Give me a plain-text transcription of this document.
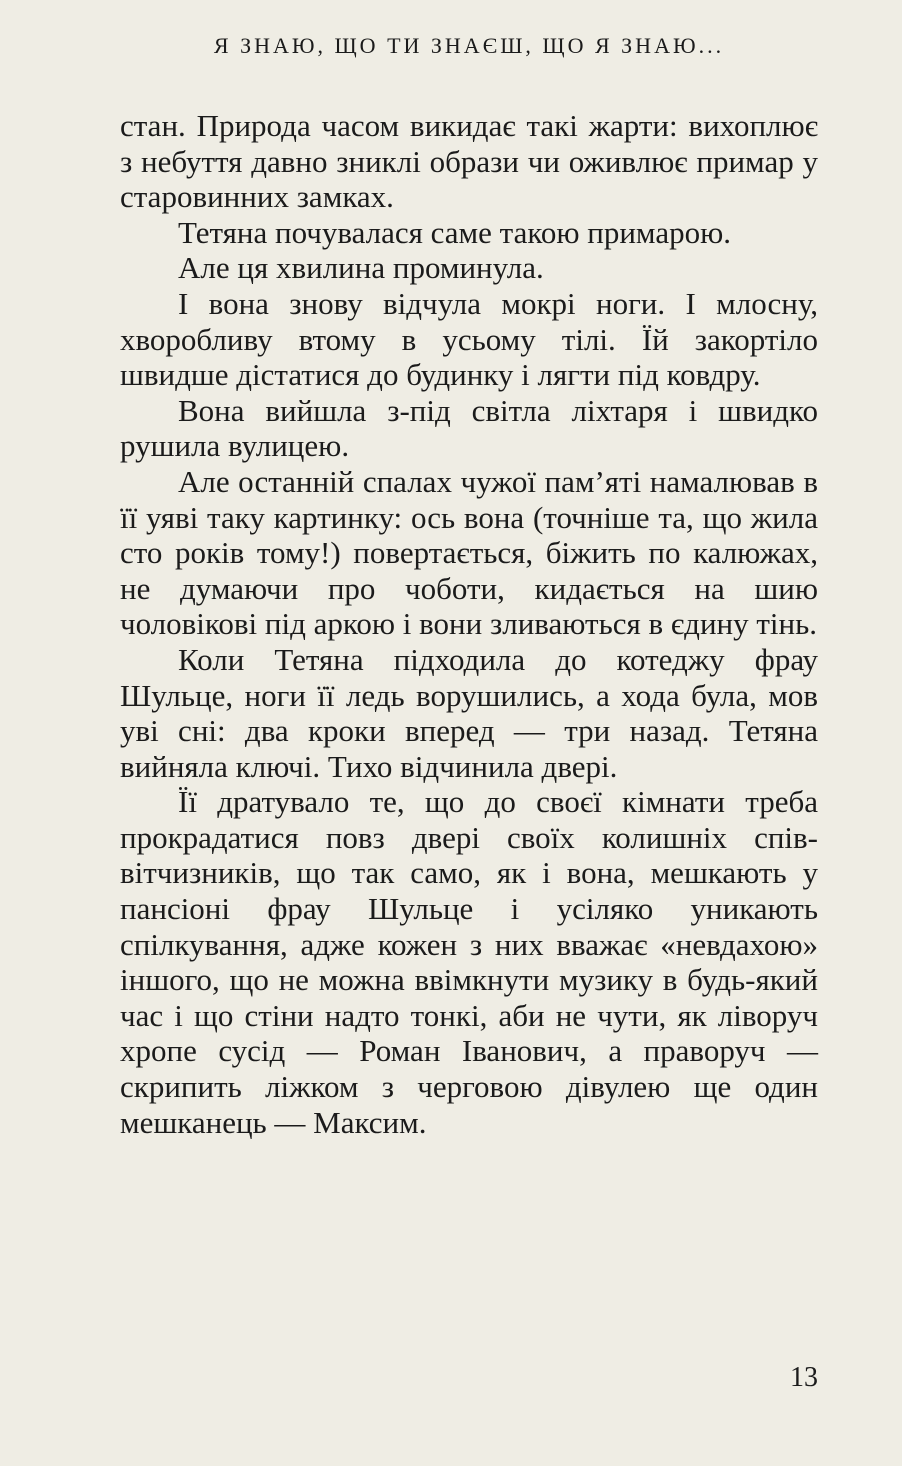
Я ЗНАЮ, ЩО ТИ ЗНАЄШ, ЩО Я ЗНАЮ...

стан. Природа часом викидає такі жарти: вихоплює з небуття давно зниклі образи чи оживлює примар у старовинних замках.

Тетяна почувалася саме такою примарою.

Але ця хвилина проминула.

І вона знову відчула мокрі ноги. І млосну, хворобливу втому в усьому тілі. Їй закортіло швидше дістатися до будинку і лягти під ковдру.

Вона вийшла з-під світла ліхтаря і швидко рушила вулицею.

Але останній спалах чужої пам’яті намалював в її уяві таку картинку: ось вона (точніше та, що жила сто років тому!) повертається, біжить по калюжах, не думаючи про чоботи, кидається на шию чоловікові під аркою і вони зливаються в єдину тінь.

Коли Тетяна підходила до котеджу фрау Шульце, ноги її ледь ворушились, а хода була, мов уві сні: два кроки вперед — три назад. Тетяна вийняла ключі. Тихо відчинила двері.

Її дратувало те, що до своєї кімнати треба прокрадатися повз двері своїх колишніх співвітчизників, що так само, як і вона, мешкають у пансіоні фрау Шульце і усіляко уникають спілкування, адже кожен з них вважає «невдахою» іншого, що не можна ввімкнути музику в будь-який час і що стіни надто тонкі, аби не чути, як ліворуч хропе сусід — Роман Іванович, а праворуч — скрипить ліжком з черговою дівулею ще один мешканець — Максим.

13
